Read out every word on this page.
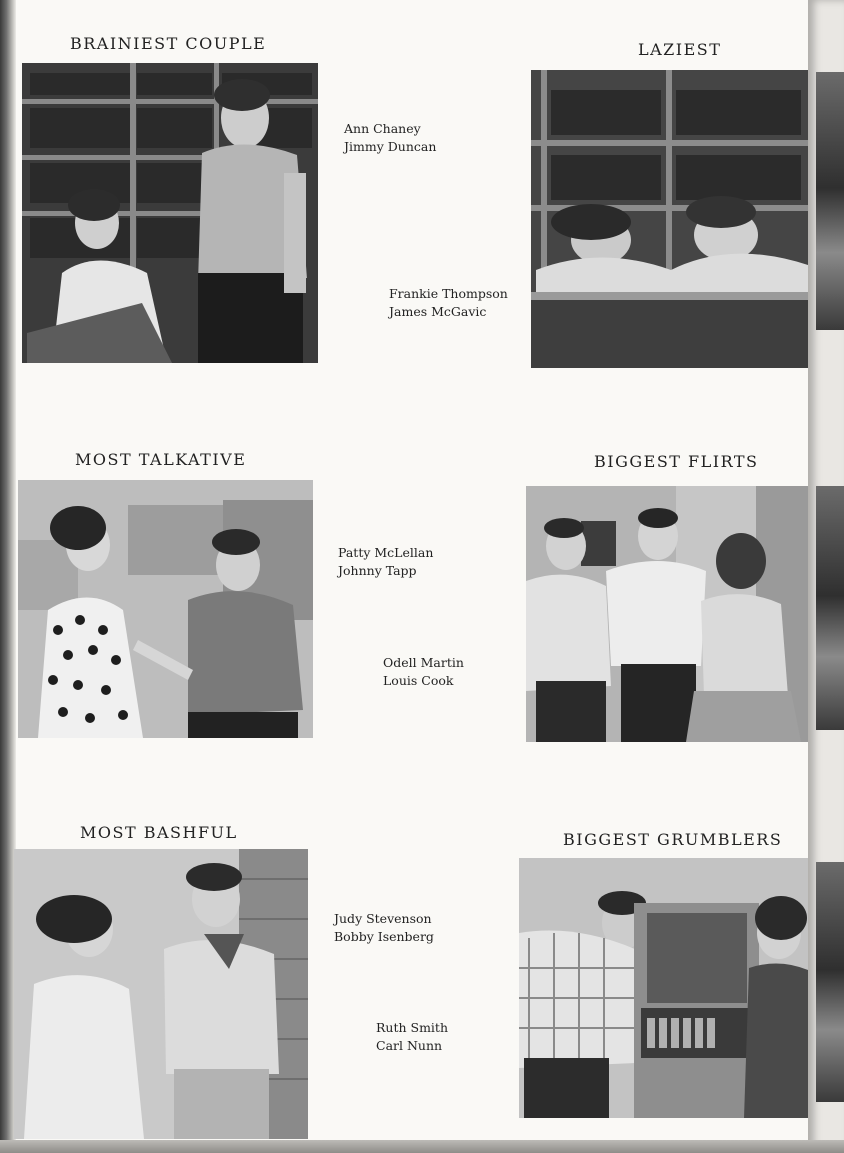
BRAINIEST COUPLE
Ann Chaney
Jimmy Duncan
LAZIEST
Frankie Thompson
James McGavic
MOST TALKATIVE
Patty McLellan
Johnny Tapp
BIGGEST FLIRTS
Odell Martin
Louis Cook
MOST BASHFUL
Judy Stevenson
Bobby Isenberg
BIGGEST GRUMBLERS
Ruth Smith
Carl Nunn
